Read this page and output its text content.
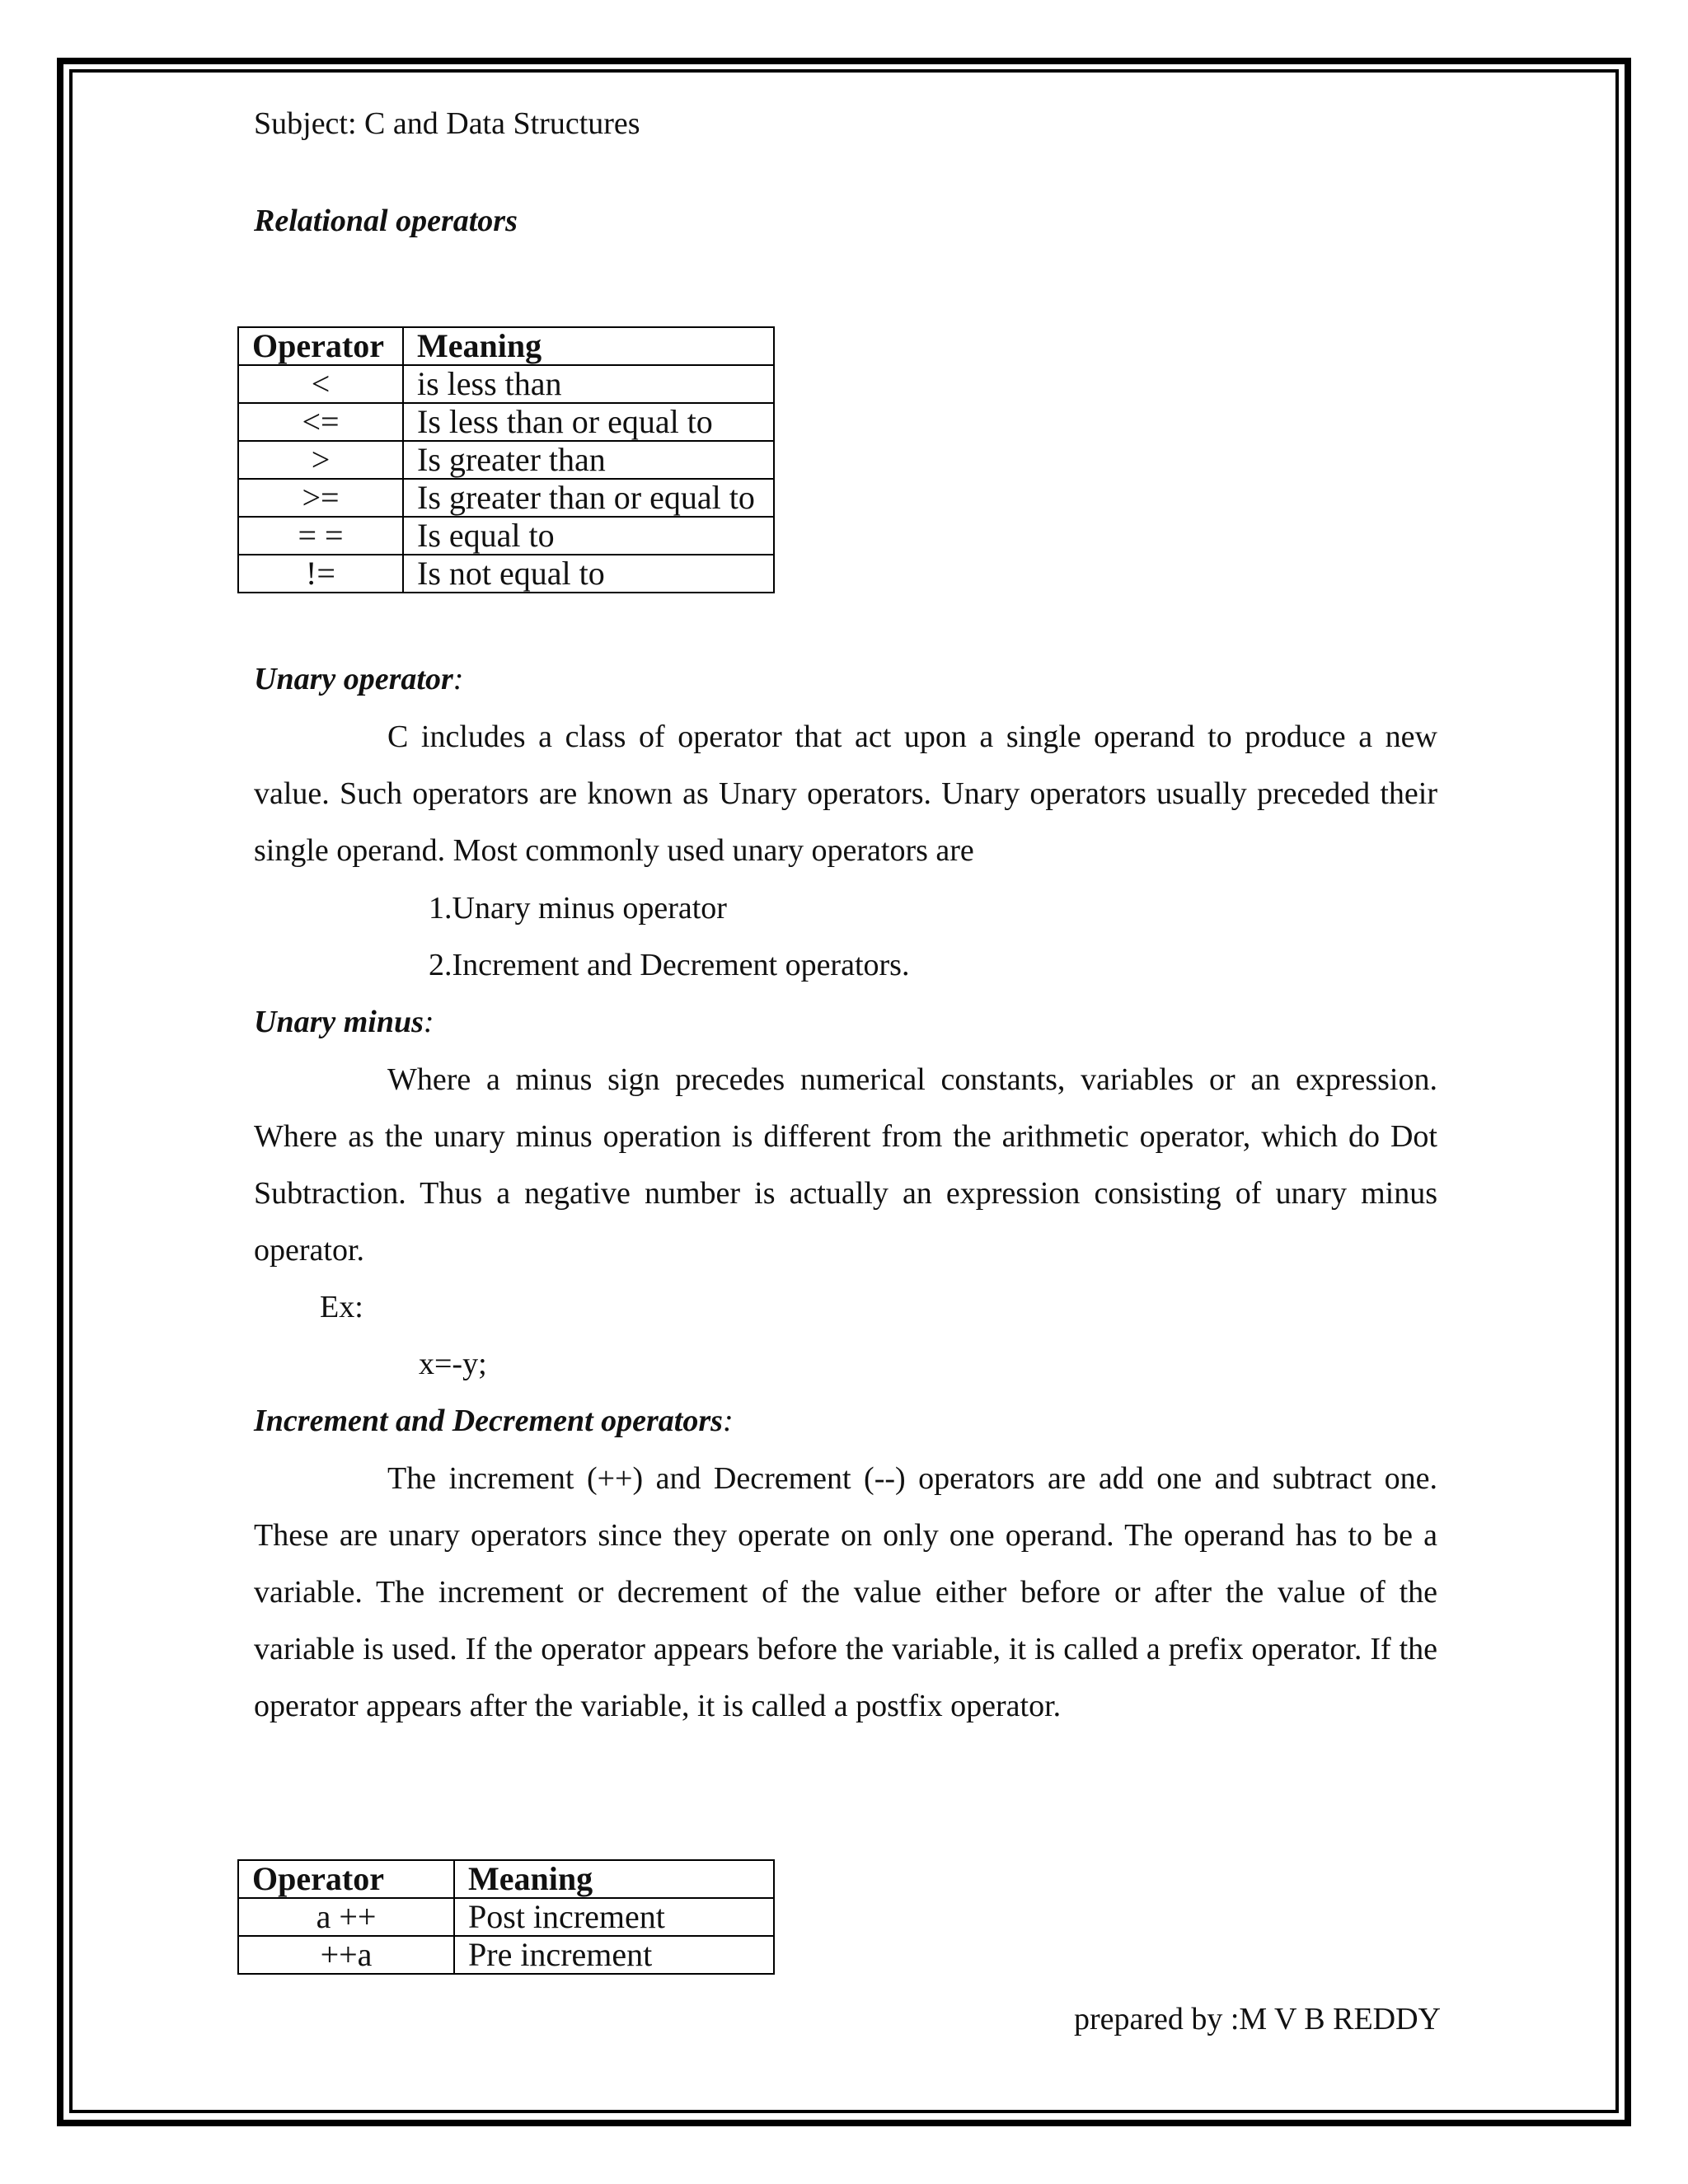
Subject: C and Data Structures
Relational operators
Operator	Meaning
<	is less than
<=	Is less than or equal to
>	Is greater than
>=	Is greater than or equal to
= =	Is equal to
!=	Is not equal to
Unary operator:

C includes a class of operator that act upon a single operand to produce a new value. Such operators are known as Unary operators. Unary operators usually preceded their single operand. Most commonly used unary operators are

1.Unary minus operator
2.Increment and Decrement operators.
Unary minus:

Where a minus sign precedes numerical constants, variables or an expression. Where as the unary minus operation is different from the arithmetic operator, which do Dot Subtraction. Thus a negative number is actually an expression consisting of unary minus operator.

Ex:
x=-y;
Increment and Decrement operators:

The increment (++) and Decrement (--) operators are add one and subtract one. These are unary operators since they operate on only one operand. The operand has to be a variable. The increment or decrement of the value either before or after the value of the variable is used. If the operator appears before the variable, it is called a prefix operator. If the operator appears after the variable, it is called a postfix operator.

Operator	Meaning
a ++	Post increment
++a	Pre increment
prepared by :M V B REDDY
